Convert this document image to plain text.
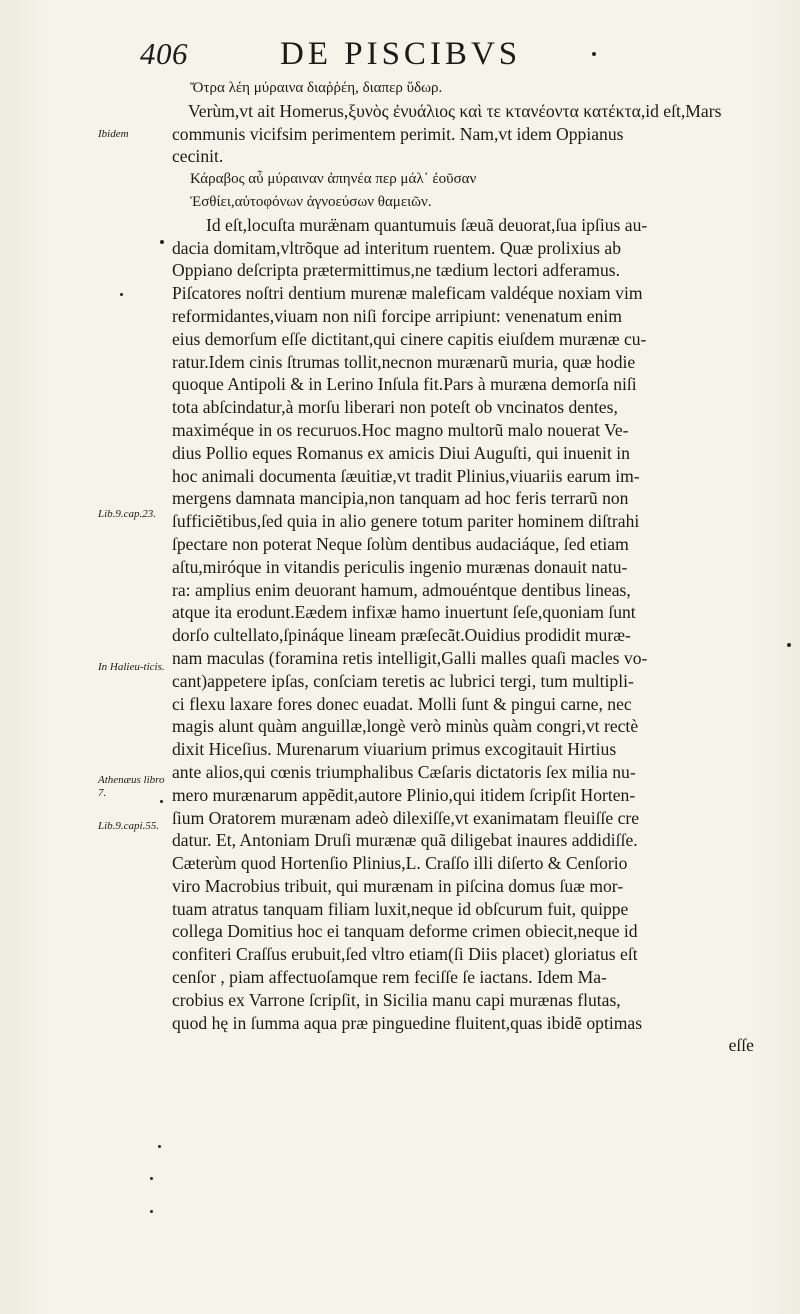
406	DE PISCIBVS
Ibidem
Lib.9.cap.23.
In Halieu-ticis.
Athenæus libro 7.
Lib.9.capi.55.
Ὄτρα λέη μύραινα διαῤῥέη, διαπερ ὕδωρ.
Verùm,vt ait Homerus,ξυνὸς ἐνυάλιος καὶ τε κτανέοντα κατέκτα,id eſt,Mars
communis vicifsim perimentem perimit. Nam,vt idem Oppianus
cecinit.
Κάραβος αὖ μύραιναν ἀπηνέα περ μάλ᾽ ἐοῦσαν
Ἐσθίει,αὐτοφόνων ἀγνοεύσων θαμειῶν.
Id eſt,locuſta muræ̈nam quantumuis ſæuã deuorat,ſua ipſius au-
dacia domitam,vltrõque ad interitum ruentem. Quæ prolixius ab
Oppiano deſcripta prætermittimus,ne tædium lectori adferamus.
Piſcatores noſtri dentium murenæ maleficam valdéque noxiam vim
reformidantes,viuam non niſi forcipe arripiunt: venenatum enim
eius demorſum eſſe dictitant,qui cinere capitis eiuſdem murænæ cu-
ratur.Idem cinis ſtrumas tollit,necnon murænarũ muria, quæ hodie
quoque Antipoli & in Lerino Inſula fit.Pars à muræna demorſa niſi
tota abſcindatur,à morſu liberari non poteſt ob vncinatos dentes,
maximéque in os recuruos.Hoc magno multorũ malo nouerat Ve-
dius Pollio eques Romanus ex amicis Diui Auguſti, qui inuenit in
hoc animali documenta ſæuitiæ,vt tradit Plinius,viuariis earum im-
mergens damnata mancipia,non tanquam ad hoc feris terrarũ non
ſufficiẽtibus,ſed quia in alio genere totum pariter hominem diſtrahi
ſpectare non poterat Neque ſolùm dentibus audaciáque, ſed etiam
aſtu,miróque in vitandis periculis ingenio murænas donauit natu-
ra: amplius enim deuorant hamum, admouéntque dentibus lineas,
atque ita erodunt.Eædem infixæ hamo inuertunt ſeſe,quoniam ſunt
dorſo cultellato,ſpináque lineam præſecãt.Ouidius prodidit muræ-
nam maculas (foramina retis intelligit,Galli malles quaſi macles vo-
cant)appetere ipſas, conſciam teretis ac lubrici tergi, tum multipli-
ci flexu laxare fores donec euadat. Molli ſunt & pingui carne, nec
magis alunt quàm anguillæ,longè verò minùs quàm congri,vt rectè
dixit Hiceſius. Murenarum viuarium primus excogitauit Hirtius
ante alios,qui cœnis triumphalibus Cæſaris dictatoris ſex milia nu-
mero murænarum appẽdit,autore Plinio,qui itidem ſcripſit Horten-
ſium Oratorem murænam adeò dilexiſſe,vt exanimatam fleuiſſe cre
datur. Et, Antoniam Druſi murænæ quã diligebat inaures addidiſſe.
Cæterùm quod Hortenſio Plinius,L. Craſſo illi diſerto & Cenſorio
viro Macrobius tribuit, qui murænam in piſcina domus ſuæ mor-
tuam atratus tanquam filiam luxit,neque id obſcurum fuit, quippe
collega Domitius hoc ei tanquam deforme crimen obiecit,neque id
confiteri Craſſus erubuit,ſed vltro etiam(ſi Diis placet) gloriatus eſt
cenſor , piam affectuoſamque rem feciſſe ſe iactans. Idem Ma-
crobius ex Varrone ſcripſit, in Sicilia manu capi murænas flutas,
quod hę in ſumma aqua præ pinguedine fluitent,quas ibidẽ optimas
eſſe
